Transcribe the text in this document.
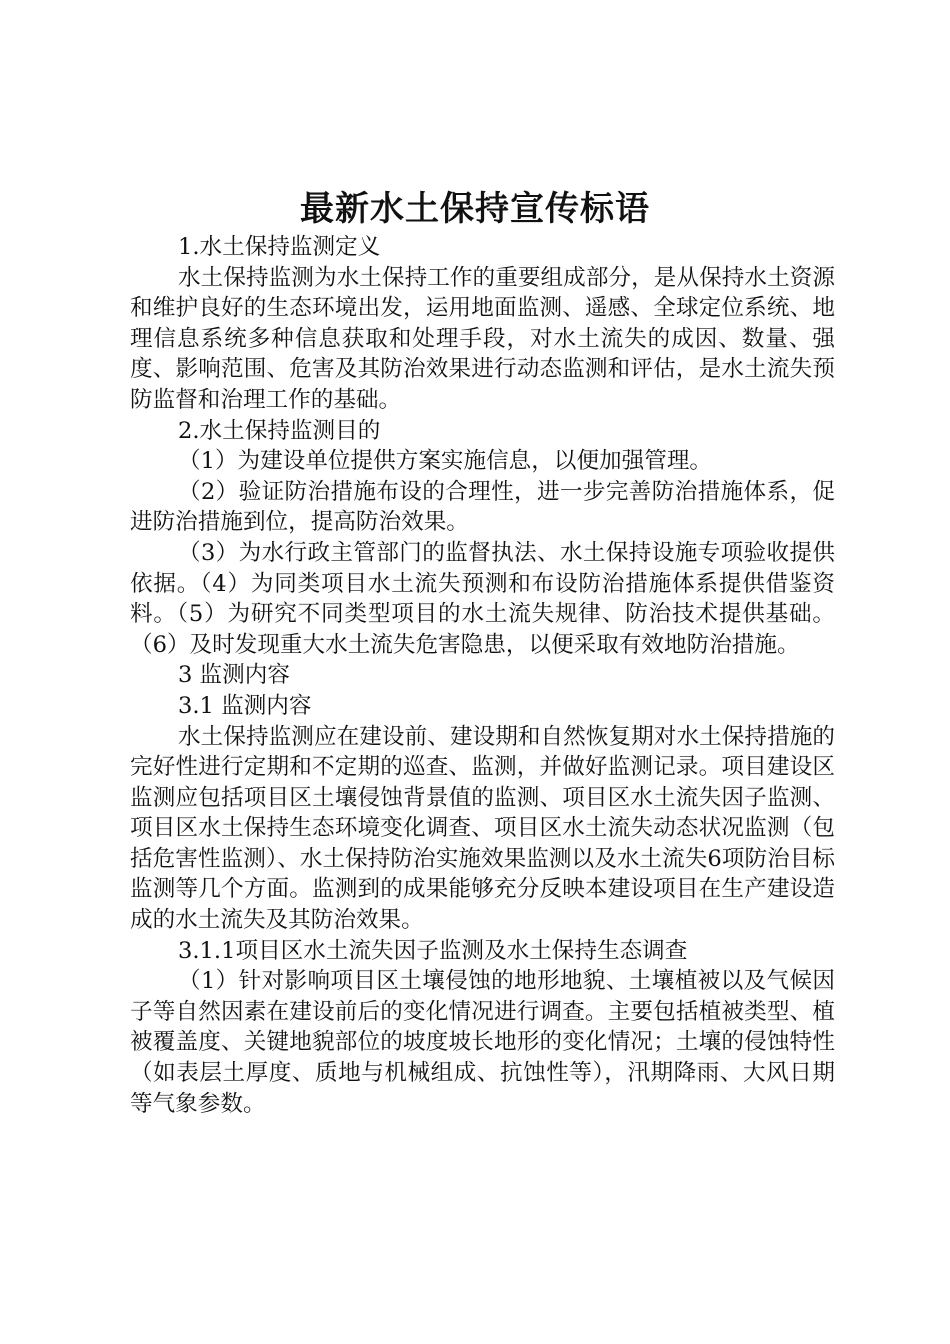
最新水土保持宣传标语

1.水土保持监测定义

水土保持监测为水土保持工作的重要组成部分，是从保持水土资源和维护良好的生态环境出发，运用地面监测、遥感、全球定位系统、地理信息系统多种信息获取和处理手段，对水土流失的成因、数量、强度、影响范围、危害及其防治效果进行动态监测和评估，是水土流失预防监督和治理工作的基础。

2.水土保持监测目的

（1）为建设单位提供方案实施信息，以便加强管理。

（2）验证防治措施布设的合理性，进一步完善防治措施体系，促进防治措施到位，提高防治效果。

（3）为水行政主管部门的监督执法、水土保持设施专项验收提供依据。（4）为同类项目水土流失预测和布设防治措施体系提供借鉴资料。（5）为研究不同类型项目的水土流失规律、防治技术提供基础。（6）及时发现重大水土流失危害隐患，以便采取有效地防治措施。

3 监测内容

3.1 监测内容

水土保持监测应在建设前、建设期和自然恢复期对水土保持措施的完好性进行定期和不定期的巡查、监测，并做好监测记录。项目建设区监测应包括项目区土壤侵蚀背景值的监测、项目区水土流失因子监测、项目区水土保持生态环境变化调查、项目区水土流失动态状况监测（包括危害性监测）、水土保持防治实施效果监测以及水土流失6项防治目标监测等几个方面。监测到的成果能够充分反映本建设项目在生产建设造成的水土流失及其防治效果。

3.1.1项目区水土流失因子监测及水土保持生态调查

（1）针对影响项目区土壤侵蚀的地形地貌、土壤植被以及气候因子等自然因素在建设前后的变化情况进行调查。主要包括植被类型、植被覆盖度、关键地貌部位的坡度坡长地形的变化情况；土壤的侵蚀特性（如表层土厚度、质地与机械组成、抗蚀性等），汛期降雨、大风日期等气象参数。
